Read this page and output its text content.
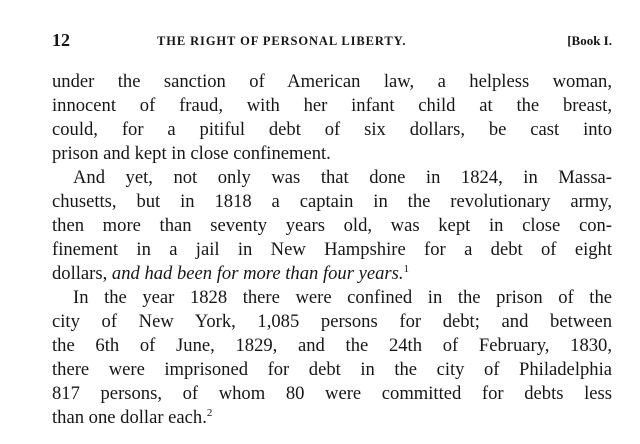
12	THE RIGHT OF PERSONAL LIBERTY.	[Book I.
under the sanction of American law, a helpless woman,
innocent of fraud, with her infant child at the breast,
could, for a pitiful debt of six dollars, be cast into
prison and kept in close confinement.
And yet, not only was that done in 1824, in Massa-
chusetts, but in 1818 a captain in the revolutionary army,
then more than seventy years old, was kept in close con-
finement in a jail in New Hampshire for a debt of eight
dollars, and had been for more than four years.$^1$
In the year 1828 there were confined in the prison of the
city of New York, 1,085 persons for debt; and between
the 6th of June, 1829, and the 24th of February, 1830,
there were imprisoned for debt in the city of Philadelphia
817 persons, of whom 80 were committed for debts less
than one dollar each.$^2$
